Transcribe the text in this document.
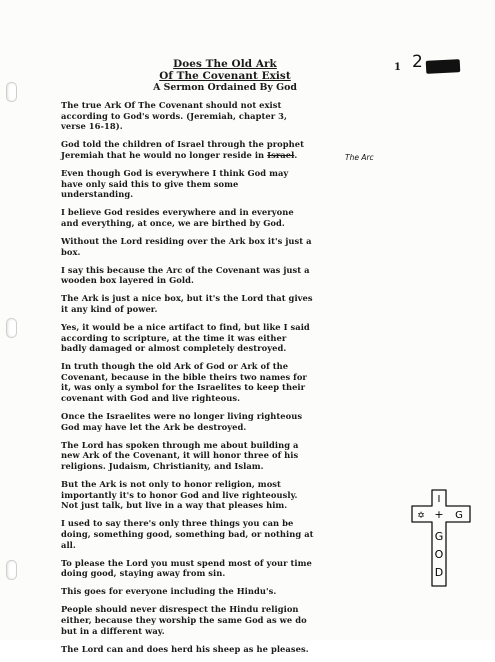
Does The Old Ark
Of The Covenant Exist
A Sermon Ordained By God
1 2
The Arc
The true Ark Of The Covenant should not exist
according to God's words. (Jeremiah, chapter 3,
verse 16-18).
God told the children of Israel through the prophet
Jeremiah that he would no longer reside in Israel.
Even though God is everywhere I think God may
have only said this to give them some
understanding.
I believe God resides everywhere and in everyone
and everything, at once, we are birthed by God.
Without the Lord residing over the Ark box it's just a
box.
I say this because the Arc of the Covenant was just a
wooden box layered in Gold.
The Ark is just a nice box, but it's the Lord that gives
it any kind of power.
Yes, it would be a nice artifact to find, but like I said
according to scripture, at the time it was either
badly damaged or almost completely destroyed.
In truth though the old Ark of God or Ark of the
Covenant, because in the bible theirs two names for
it, was only a symbol for the Israelites to keep their
covenant with God and live righteous.
Once the Israelites were no longer living righteous
God may have let the Ark be destroyed.
The Lord has spoken through me about building a
new Ark of the Covenant, it will honor three of his
religions. Judaism, Christianity, and Islam.
But the Ark is not only to honor religion, most
importantly it's to honor God and live righteously.
Not just talk, but live in a way that pleases him.
I used to say there's only three things you can be
doing, something good, something bad, or nothing at
all.
To please the Lord you must spend most of your time
doing good, staying away from sin.
This goes for everyone including the Hindu's.
People should never disrespect the Hindu religion
either, because they worship the same God as we do
but in a different way.
The Lord can and does herd his sheep as he pleases.
I
✡ + G
G
O
D
